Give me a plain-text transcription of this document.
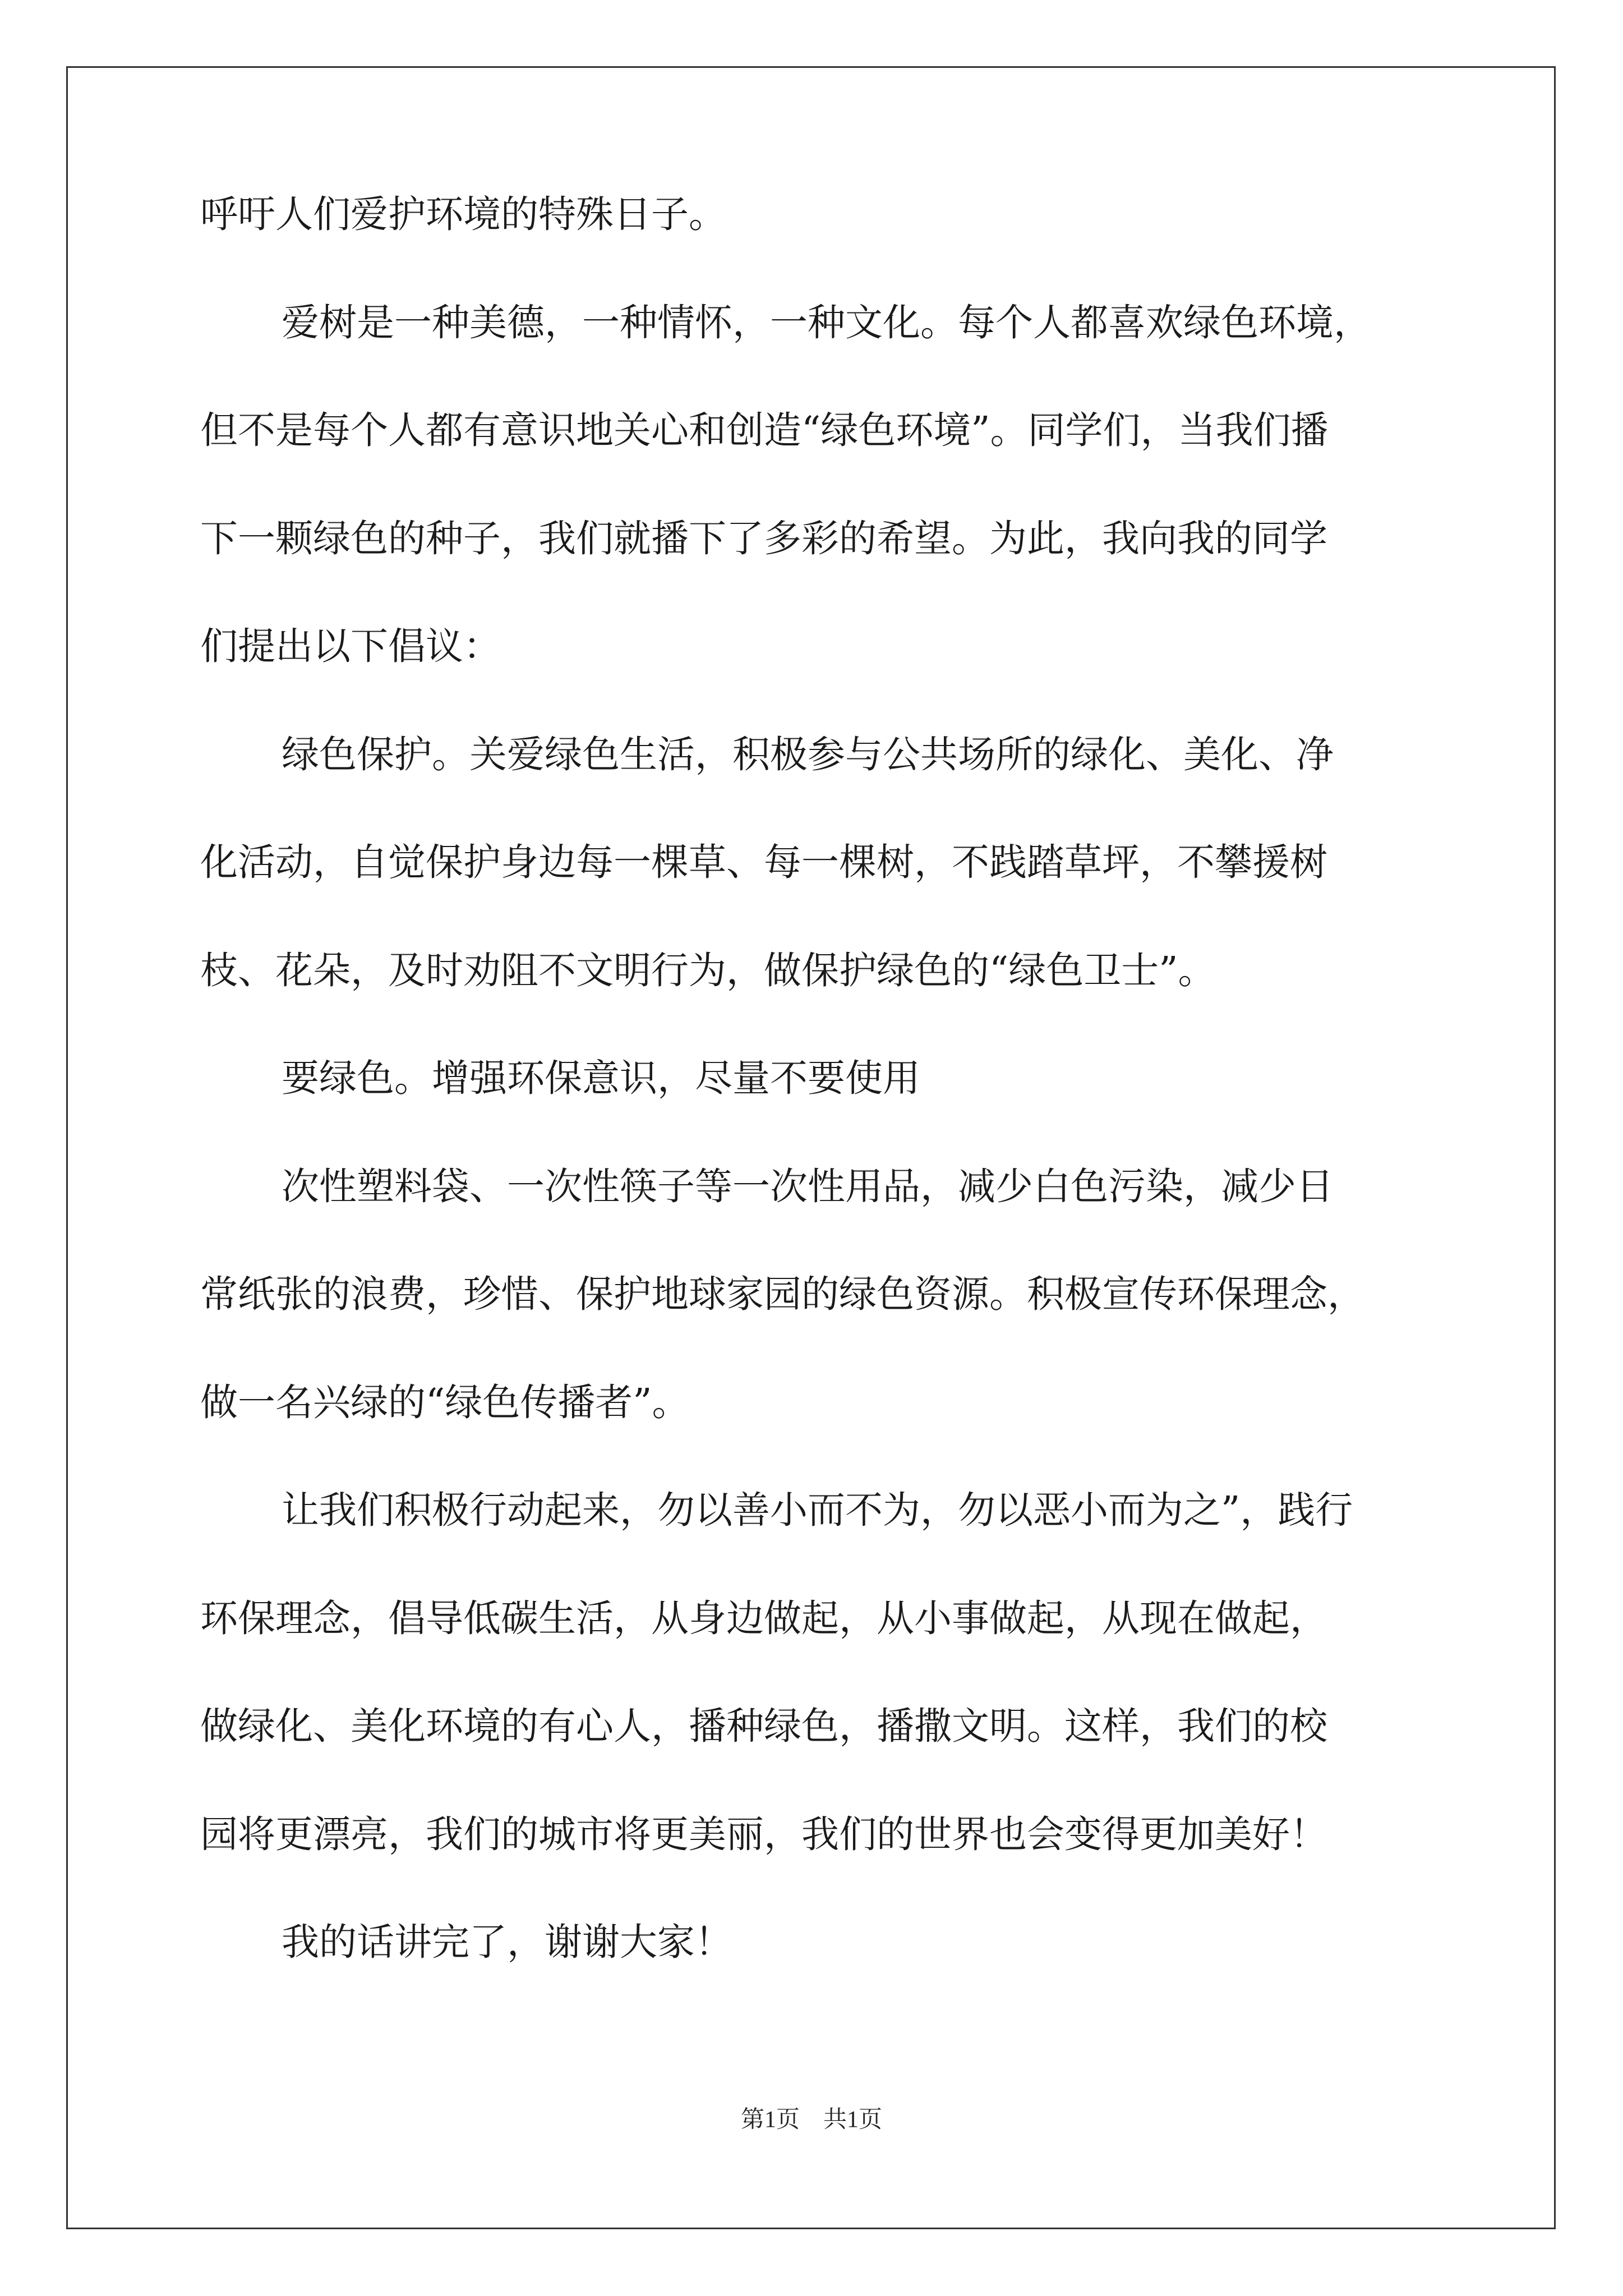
呼吁人们爱护环境的特殊日子。
爱树是一种美德，一种情怀，一种文化。每个人都喜欢绿色环境，
但不是每个人都有意识地关心和创造“绿色环境”。同学们，当我们播
下一颗绿色的种子，我们就播下了多彩的希望。为此，我向我的同学
们提出以下倡议：
绿色保护。关爱绿色生活，积极参与公共场所的绿化、美化、净
化活动，自觉保护身边每一棵草、每一棵树，不践踏草坪，不攀援树
枝、花朵，及时劝阻不文明行为，做保护绿色的“绿色卫士”。
要绿色。增强环保意识，尽量不要使用
次性塑料袋、一次性筷子等一次性用品，减少白色污染，减少日
常纸张的浪费，珍惜、保护地球家园的绿色资源。积极宣传环保理念，
做一名兴绿的“绿色传播者”。
让我们积极行动起来，勿以善小而不为，勿以恶小而为之”，践行
环保理念，倡导低碳生活，从身边做起，从小事做起，从现在做起，
做绿化、美化环境的有心人，播种绿色，播撒文明。这样，我们的校
园将更漂亮，我们的城市将更美丽，我们的世界也会变得更加美好！
我的话讲完了，谢谢大家！
第1页　共1页
